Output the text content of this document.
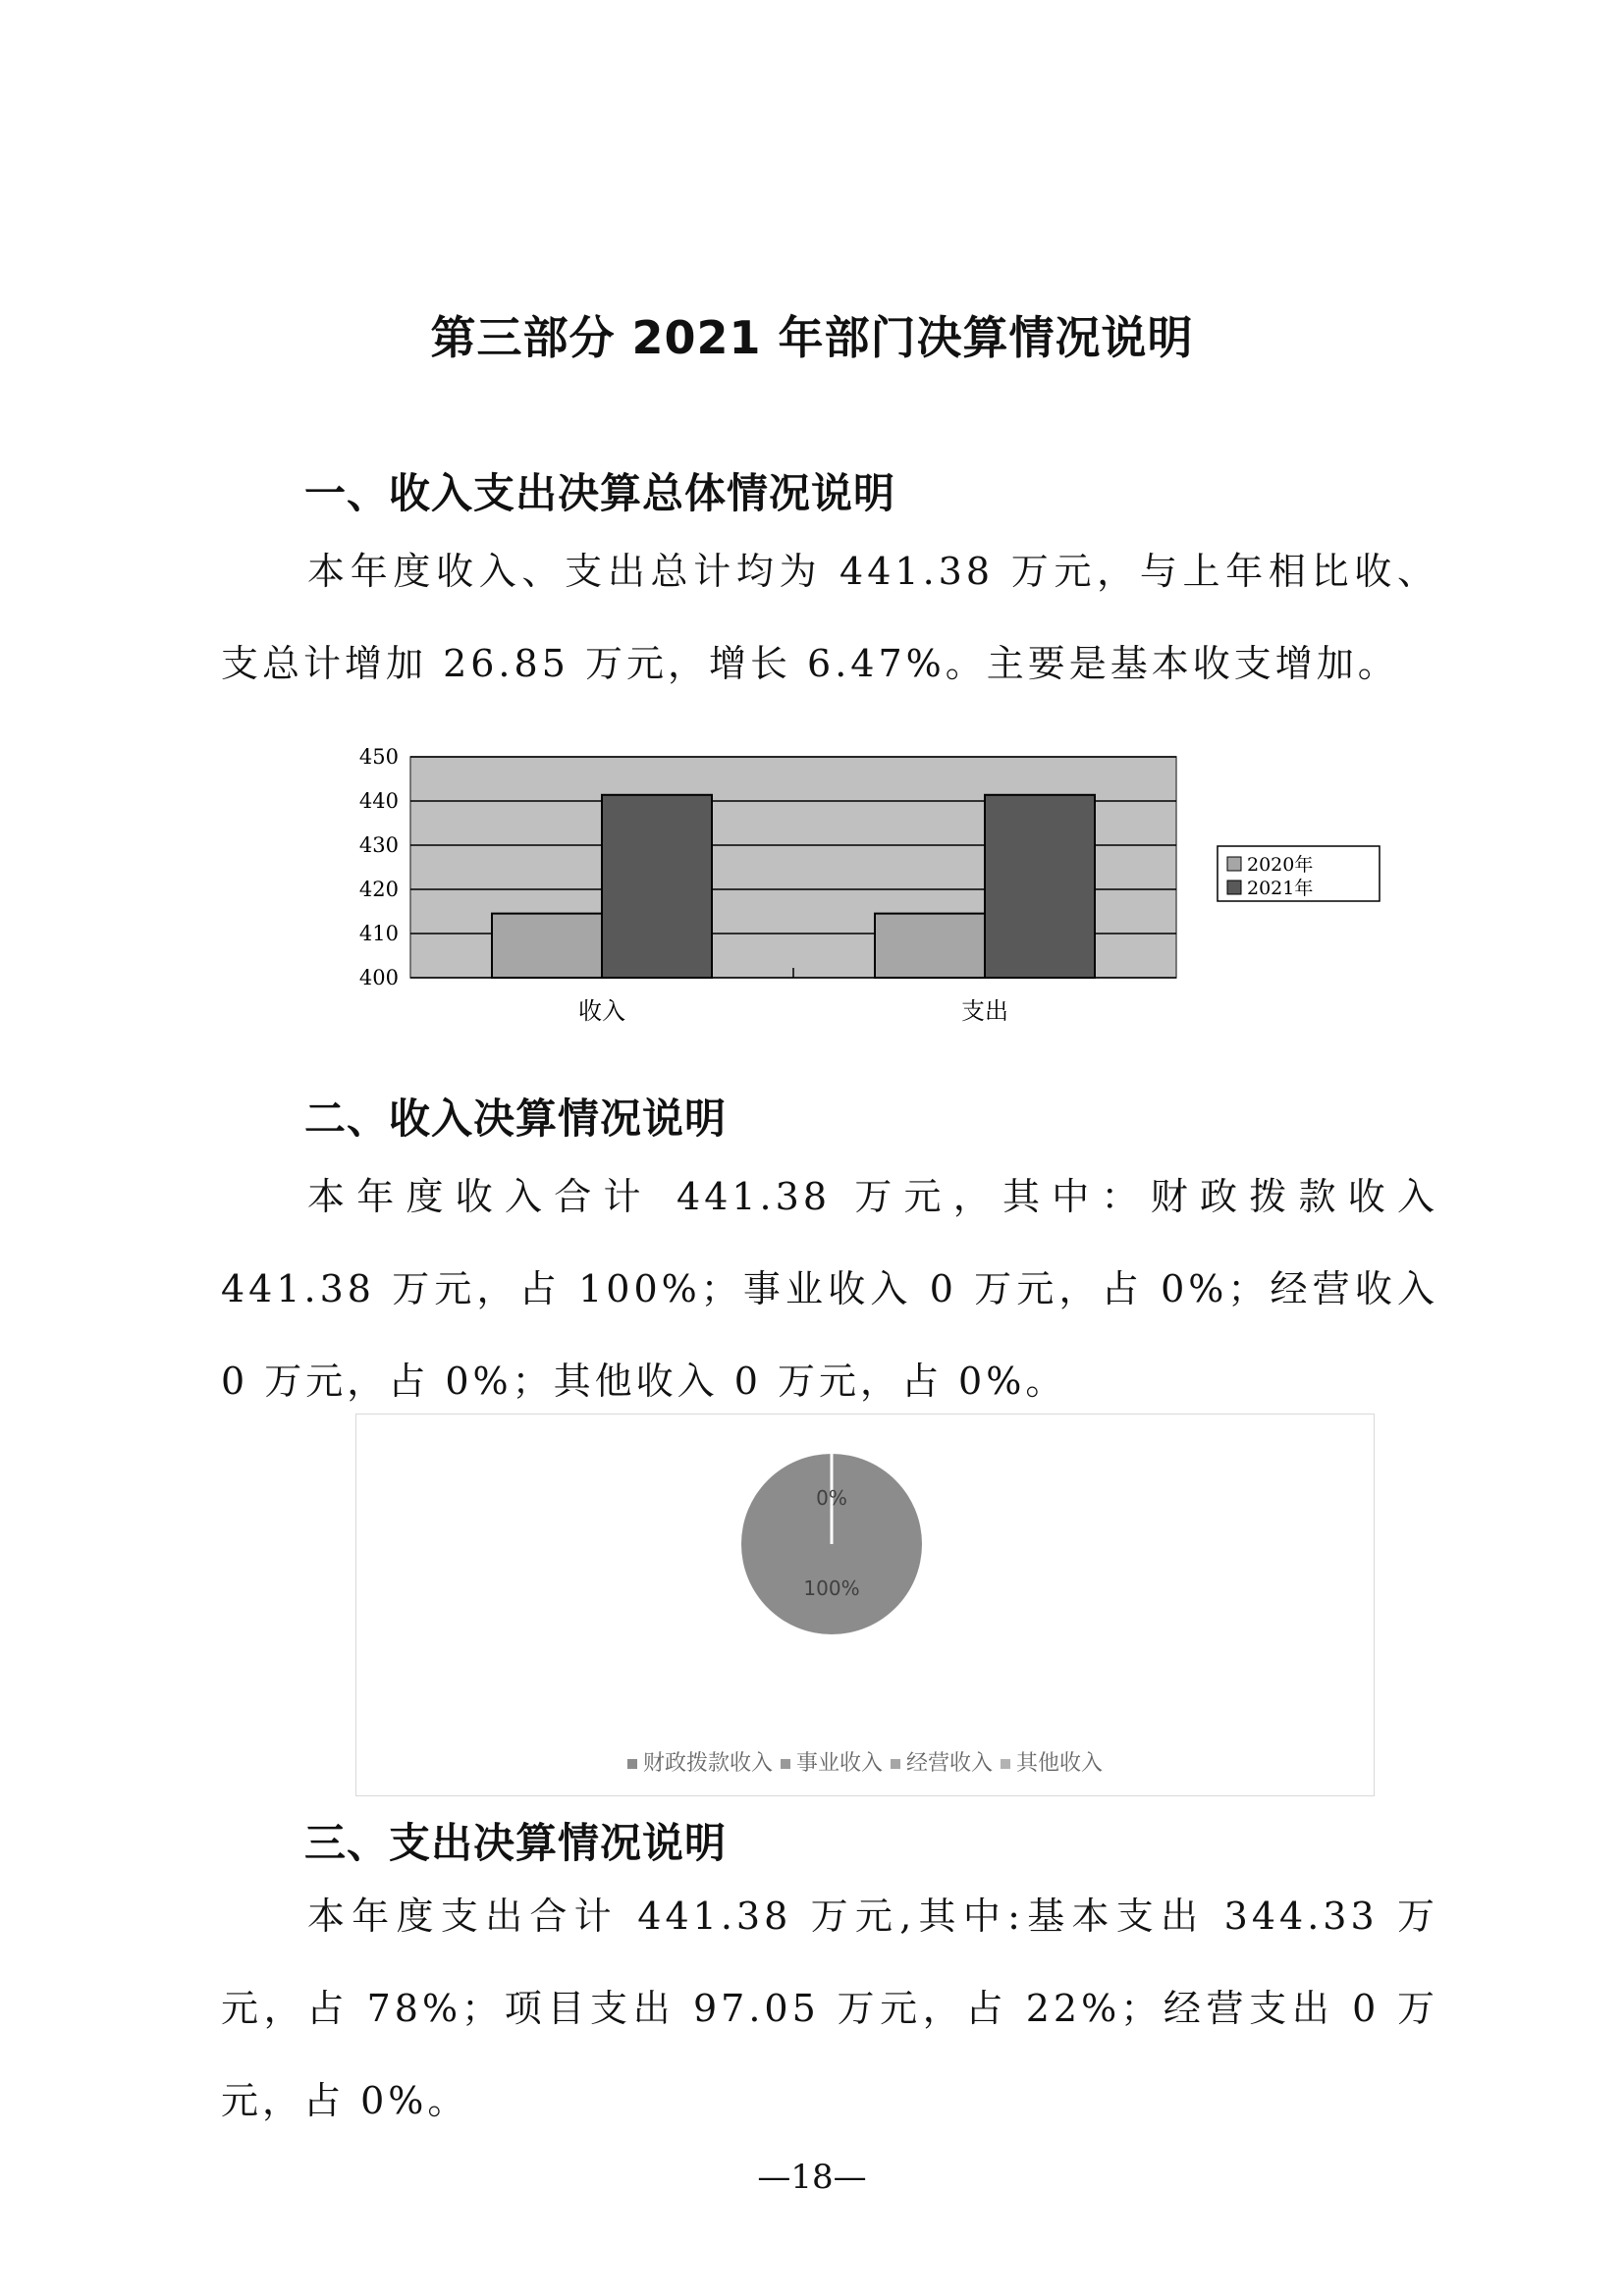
第三部分 2021 年部门决算情况说明
一、收入支出决算总体情况说明
本年度收入、支出总计均为 441.38 万元，与上年相比收、支总计增加 26.85 万元，增长 6.47%。主要是基本收支增加。
400
410
420
430
440
450
收入	支出
2020年
2021年
二、收入决算情况说明
本年度收入合计 441.38 万元，其中：财政拨款收入 441.38 万元，占 100%；事业收入 0 万元，占 0%；经营收入 0 万元，占 0%；其他收入 0 万元，占 0%。
100%
0%
财政拨款收入 事业收入 经营收入 其他收入
三、支出决算情况说明
本年度支出合计 441.38 万元,其中:基本支出 344.33 万元，占 78%；项目支出 97.05 万元，占 22%；经营支出 0 万元，占 0%。
—18—
